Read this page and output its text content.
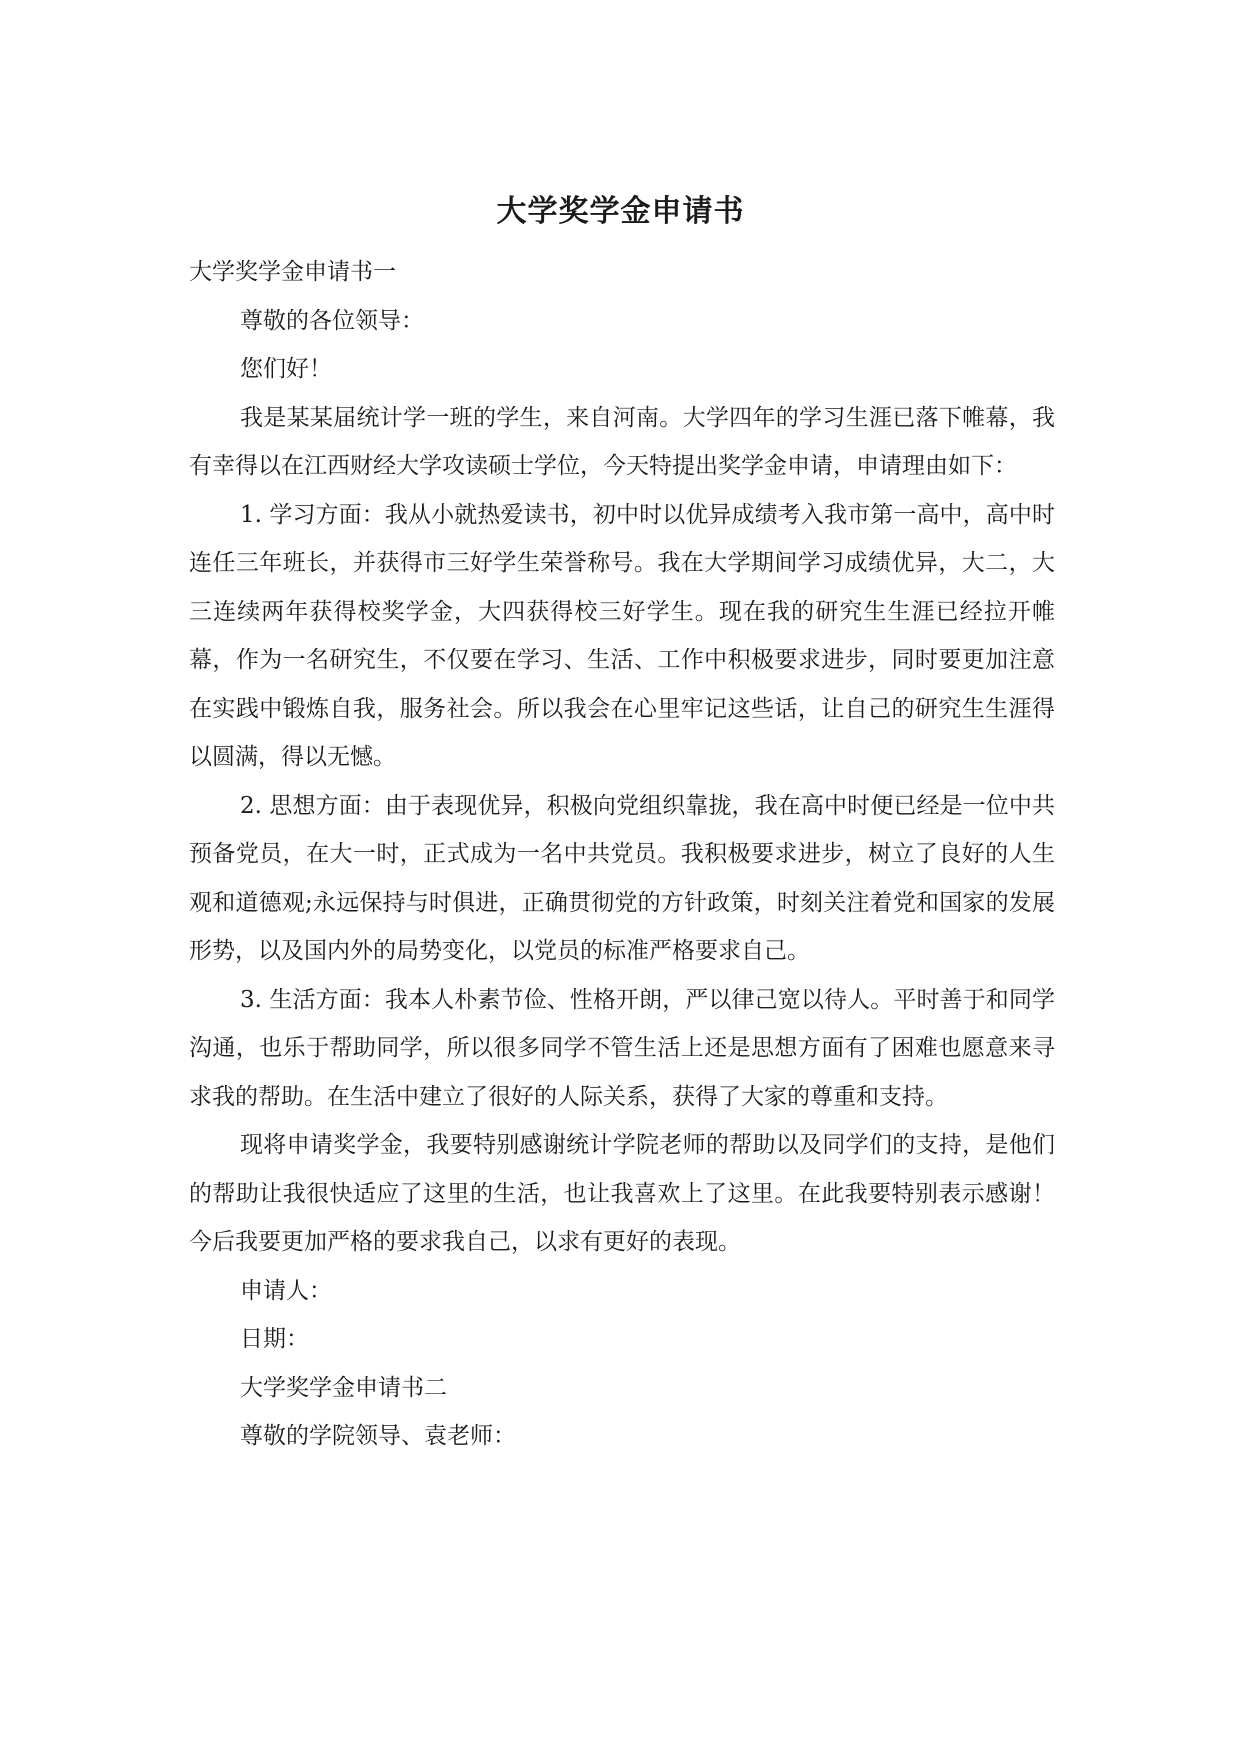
大学奖学金申请书

大学奖学金申请书一

尊敬的各位领导：

您们好！

我是某某届统计学一班的学生，来自河南。大学四年的学习生涯已落下帷幕，我有幸得以在江西财经大学攻读硕士学位，今天特提出奖学金申请，申请理由如下：

1. 学习方面：我从小就热爱读书，初中时以优异成绩考入我市第一高中，高中时连任三年班长，并获得市三好学生荣誉称号。我在大学期间学习成绩优异，大二，大三连续两年获得校奖学金，大四获得校三好学生。现在我的研究生生涯已经拉开帷幕，作为一名研究生，不仅要在学习、生活、工作中积极要求进步，同时要更加注意在实践中锻炼自我，服务社会。所以我会在心里牢记这些话，让自己的研究生生涯得以圆满，得以无憾。

2. 思想方面：由于表现优异，积极向党组织靠拢，我在高中时便已经是一位中共预备党员，在大一时，正式成为一名中共党员。我积极要求进步，树立了良好的人生观和道德观;永远保持与时俱进，正确贯彻党的方针政策，时刻关注着党和国家的发展形势，以及国内外的局势变化，以党员的标准严格要求自己。

3. 生活方面：我本人朴素节俭、性格开朗，严以律己宽以待人。平时善于和同学沟通，也乐于帮助同学，所以很多同学不管生活上还是思想方面有了困难也愿意来寻求我的帮助。在生活中建立了很好的人际关系，获得了大家的尊重和支持。

现将申请奖学金，我要特别感谢统计学院老师的帮助以及同学们的支持，是他们的帮助让我很快适应了这里的生活，也让我喜欢上了这里。在此我要特别表示感谢！今后我要更加严格的要求我自己，以求有更好的表现。

申请人：

日期：

大学奖学金申请书二

尊敬的学院领导、袁老师：
